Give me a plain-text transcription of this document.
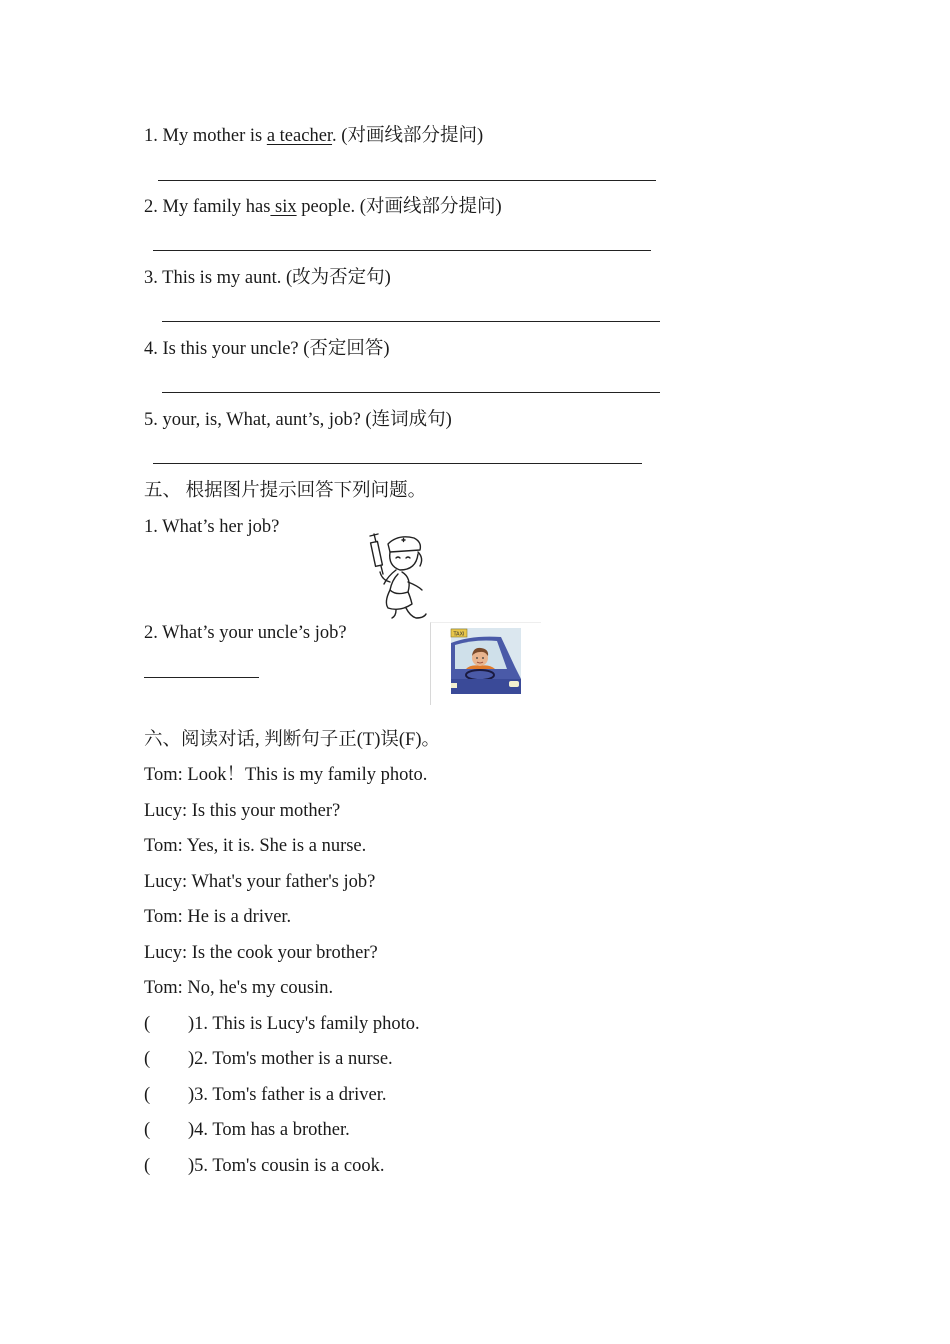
1. My mother is a teacher. (对画线部分提问)
2. My family has six people. (对画线部分提问)
3. This is my aunt. (改为否定句)
4. Is this your uncle? (否定回答)
5. your, is, What, aunt’s, job? (连词成句)
五、 根据图片提示回答下列问题。
1. What’s her job?
2. What’s your uncle’s job?	TAXI
六、阅读对话, 判断句子正(T)误(F)。
Tom: Look！This is my family photo.
Lucy: Is this your mother?
Tom: Yes, it is. She is a nurse.
Lucy: What's your father's job?
Tom: He is a driver.
Lucy: Is the cook your brother?
Tom: No, he's my cousin.
( )1. This is Lucy's family photo.
( )2. Tom's mother is a nurse.
( )3. Tom's father is a driver.
( )4. Tom has a brother.
( )5. Tom's cousin is a cook.
